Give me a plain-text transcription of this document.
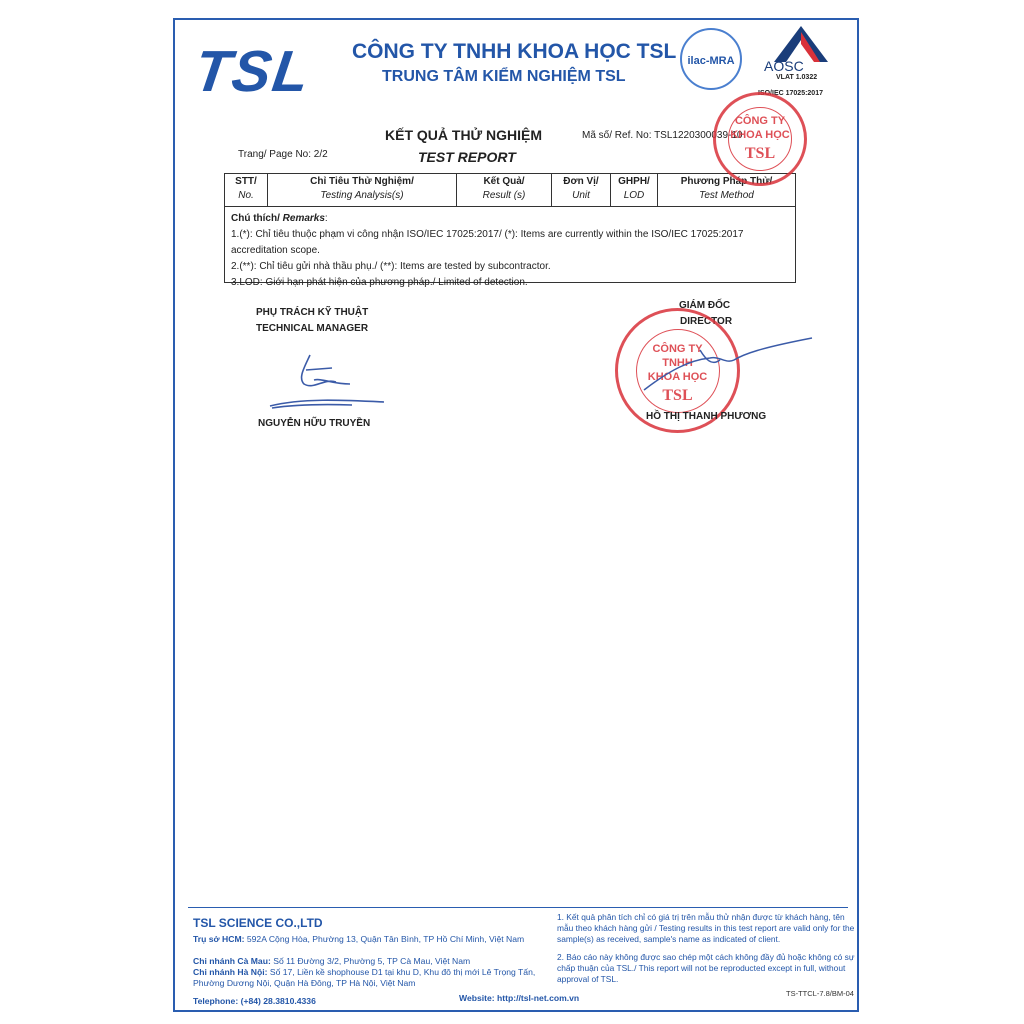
TSL CÔNG TY TNHH KHOA HỌC TSL
TRUNG TÂM KIỂM NGHIỆM TSL
ilac-MRA	AOSC
VLAT 1.0322
ISO/IEC 17025:2017
KẾT QUẢ THỬ NGHIỆM
TEST REPORT
Mã số/ Ref. No: TSL1220300039-10
Trang/ Page No: 2/2
STT/
No.
	Chỉ Tiêu Thử Nghiệm/
Testing Analysis(s)
	Kết Quả/
Result (s)
	Đơn Vị/
Unit
	GHPH/
LOD
	Phương Pháp Thử/
Test Method
Chú thích/ Remarks:
1.(*): Chỉ tiêu thuộc phạm vi công nhận ISO/IEC 17025:2017/ (*): Items are currently within the ISO/IEC 17025:2017
accreditation scope.
2.(**): Chỉ tiêu gửi nhà thầu phụ./ (**): Items are tested by subcontractor.
3.LOD: Giới hạn phát hiện của phương pháp./ Limited of detection.
CÔNG TY
KHOA HỌC
TSL
PHỤ TRÁCH KỸ THUẬT
TECHNICAL MANAGER
NGUYỄN HỮU TRUYỀN
GIÁM ĐỐC
DIRECTOR
CÔNG TY
TNHH
KHOA HỌC
TSL
HỒ THỊ THANH PHƯƠNG
TSL SCIENCE CO.,LTD
Trụ sở HCM: 592A Cộng Hòa, Phường 13, Quận Tân Bình, TP Hồ Chí Minh, Việt Nam
Chi nhánh Cà Mau: Số 11 Đường 3/2, Phường 5, TP Cà Mau, Việt Nam
Chi nhánh Hà Nội: Số 17, Liền kề shophouse D1 tại khu D, Khu đô thị mới Lê Trọng Tấn, Phường Dương Nội, Quận Hà Đông, TP Hà Nội, Việt Nam
Telephone: (+84) 28.3810.4336	Website: http://tsl-net.com.vn
1. Kết quả phân tích chỉ có giá trị trên mẫu thử nhận được từ khách hàng, tên mẫu theo khách hàng gửi / Testing results in this test report are valid only for the sample(s) as received, sample's name as indicated of client.
2. Báo cáo này không được sao chép một cách không đầy đủ hoặc không có sự chấp thuận của TSL./ This report will not be reproducted except in full, without approval of TSL.
TS-TTCL-7.8/BM-04
